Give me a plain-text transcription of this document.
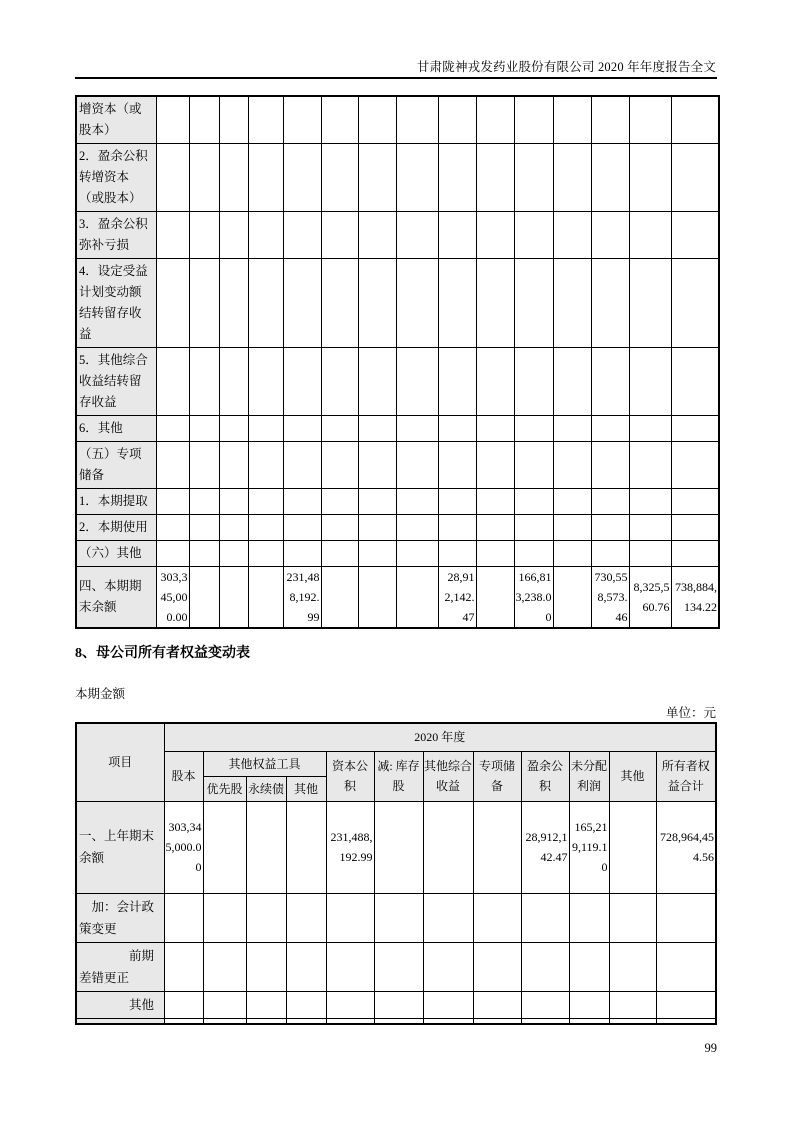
甘肃陇神戎发药业股份有限公司 2020 年年度报告全文
增资本（或股本）															
2．盈余公积转增资本（或股本）															
3．盈余公积弥补亏损															
4．设定受益计划变动额结转留存收益															
5．其他综合收益结转留存收益															
6．其他															
（五）专项储备															
1．本期提取															
2．本期使用															
（六）其他															
四、本期期末余额	303,345,000.00				231,488,192.99				28,912,142.47		166,813,238.00		730,558,573.46	8,325,560.76	738,884,134.22
8、母公司所有者权益变动表
本期金额
单位：元
项目	2020 年度											
	股本	其他权益工具			资本公积	减: 库存股	其他综合收益	专项储备	盈余公积	未分配利润	其他	所有者权益合计
		优先股	永续债	其他								
一、上年期末余额	303,345,000.00				231,488,192.99				28,912,142.47	165,219,119.10		728,964,454.56
　加：会计政策变更												
　　　　前期差错更正												
　　　　其他												

99
